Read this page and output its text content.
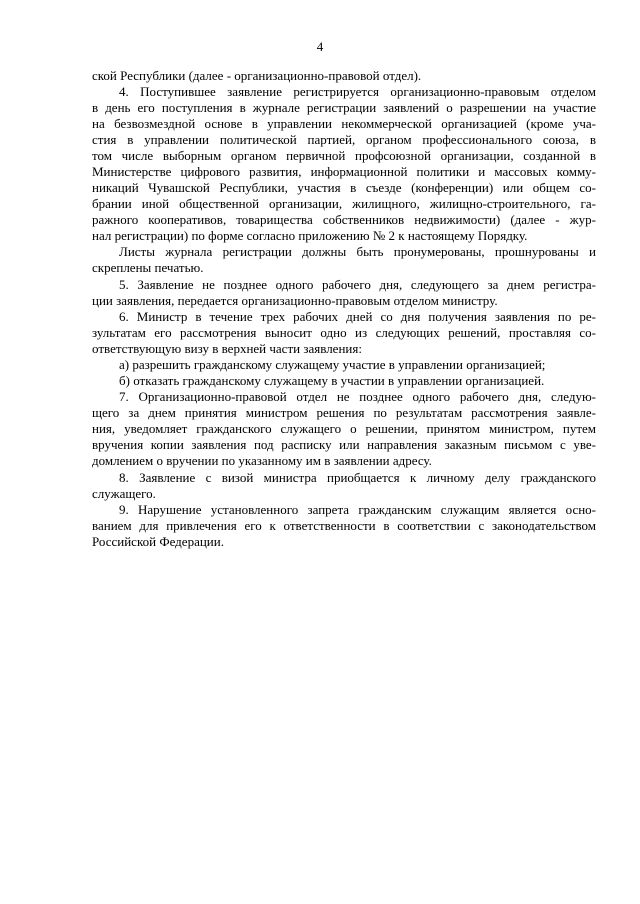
4
ской Республики (далее - организационно-правовой отдел).
4. Поступившее заявление регистрируется организационно-правовым отделом
в день его поступления в журнале регистрации заявлений о разрешении на участие
на безвозмездной основе в управлении некоммерческой организацией (кроме уча-
стия в управлении политической партией, органом профессионального союза, в
том числе выборным органом первичной профсоюзной организации, созданной в
Министерстве цифрового развития, информационной политики и массовых комму-
никаций Чувашской Республики, участия в съезде (конференции) или общем со-
брании иной общественной организации, жилищного, жилищно-строительного, га-
ражного кооперативов, товарищества собственников недвижимости) (далее - жур-
нал регистрации) по форме согласно приложению № 2 к настоящему Порядку.
Листы журнала регистрации должны быть пронумерованы, прошнурованы и
скреплены печатью.
5. Заявление не позднее одного рабочего дня, следующего за днем регистра-
ции заявления, передается организационно-правовым отделом министру.
6. Министр в течение трех рабочих дней со дня получения заявления по ре-
зультатам его рассмотрения выносит одно из следующих решений, проставляя со-
ответствующую визу в верхней части заявления:
а) разрешить гражданскому служащему участие в управлении организацией;
б) отказать гражданскому служащему в участии в управлении организацией.
7. Организационно-правовой отдел не позднее одного рабочего дня, следую-
щего за днем принятия министром решения по результатам рассмотрения заявле-
ния, уведомляет гражданского служащего о решении, принятом министром, путем
вручения копии заявления под расписку или направления заказным письмом с уве-
домлением о вручении по указанному им в заявлении адресу.
8. Заявление с визой министра приобщается к личному делу гражданского
служащего.
9. Нарушение установленного запрета гражданским служащим является осно-
ванием для привлечения его к ответственности в соответствии с законодательством
Российской Федерации.
